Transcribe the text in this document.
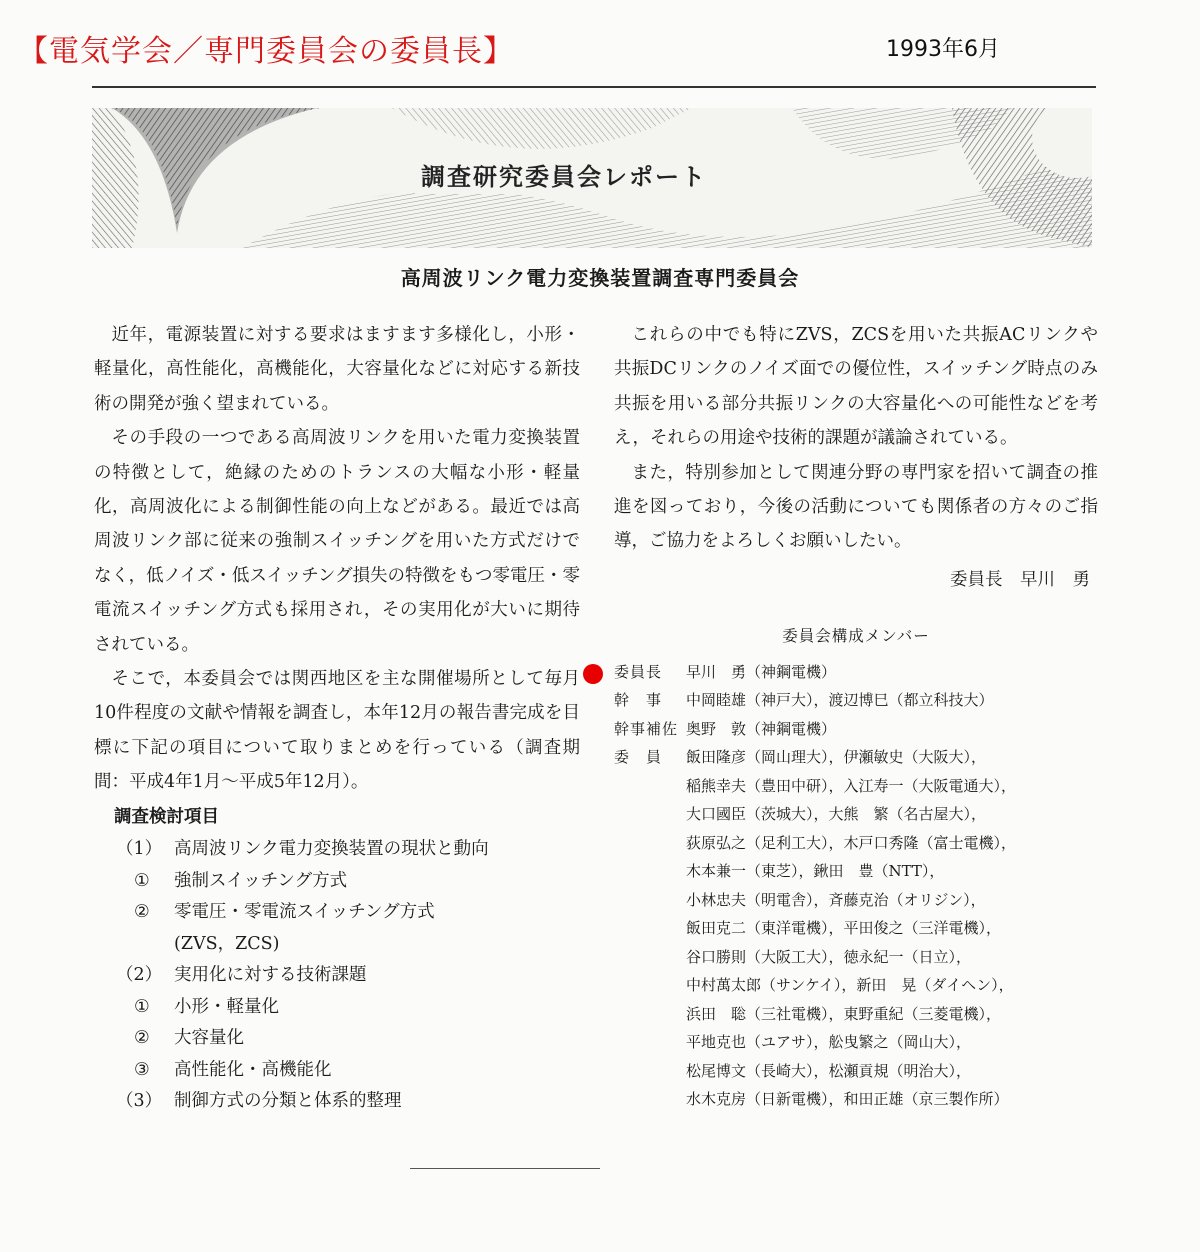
【電気学会／専門委員会の委員長】	1993年6月
調査研究委員会レポート
高周波リンク電力変換装置調査専門委員会

近年，電源装置に対する要求はますます多様化し，小形・軽量化，高性能化，高機能化，大容量化などに対応する新技術の開発が強く望まれている。

その手段の一つである高周波リンクを用いた電力変換装置の特徴として，絶縁のためのトランスの大幅な小形・軽量化，高周波化による制御性能の向上などがある。最近では高周波リンク部に従来の強制スイッチングを用いた方式だけでなく，低ノイズ・低スイッチング損失の特徴をもつ零電圧・零電流スイッチング方式も採用され，その実用化が大いに期待されている。

そこで，本委員会では関西地区を主な開催場所として毎月10件程度の文献や情報を調査し，本年12月の報告書完成を目標に下記の項目について取りまとめを行っている（調査期間：平成4年1月～平成5年12月）。

調査検討項目
（1） 高周波リンク電力変換装置の現状と動向
①	強制スイッチング方式
②	零電圧・零電流スイッチング方式
(ZVS，ZCS)
（2） 実用化に対する技術課題
①	小形・軽量化
②	大容量化
③	高性能化・高機能化
（3） 制御方式の分類と体系的整理

これらの中でも特にZVS，ZCSを用いた共振ACリンクや共振DCリンクのノイズ面での優位性，スイッチング時点のみ共振を用いる部分共振リンクの大容量化への可能性などを考え，それらの用途や技術的課題が議論されている。

また，特別参加として関連分野の専門家を招いて調査の推進を図っており，今後の活動についても関係者の方々のご指導，ご協力をよろしくお願いしたい。

委員長　早川　勇
委員会構成メンバー
委員長	早川　勇（神鋼電機）
幹　事	中岡睦雄（神戸大），渡辺博巳（都立科技大）
幹事補佐 奥野　敦（神鋼電機）
委　員	飯田隆彦（岡山理大），伊瀬敏史（大阪大），
稲熊幸夫（豊田中研），入江寿一（大阪電通大），
大口國臣（茨城大），大熊　繁（名古屋大），
荻原弘之（足利工大），木戸口秀隆（富士電機），
木本兼一（東芝），鍬田　豊（NTT），
小林忠夫（明電舎），斉藤克治（オリジン），
飯田克二（東洋電機），平田俊之（三洋電機），
谷口勝則（大阪工大），徳永紀一（日立），
中村萬太郎（サンケイ），新田　晃（ダイヘン），
浜田　聡（三社電機），東野重紀（三菱電機），
平地克也（ユアサ），舩曳繁之（岡山大），
松尾博文（長崎大），松瀬貢規（明治大），
水木克房（日新電機），和田正雄（京三製作所）
